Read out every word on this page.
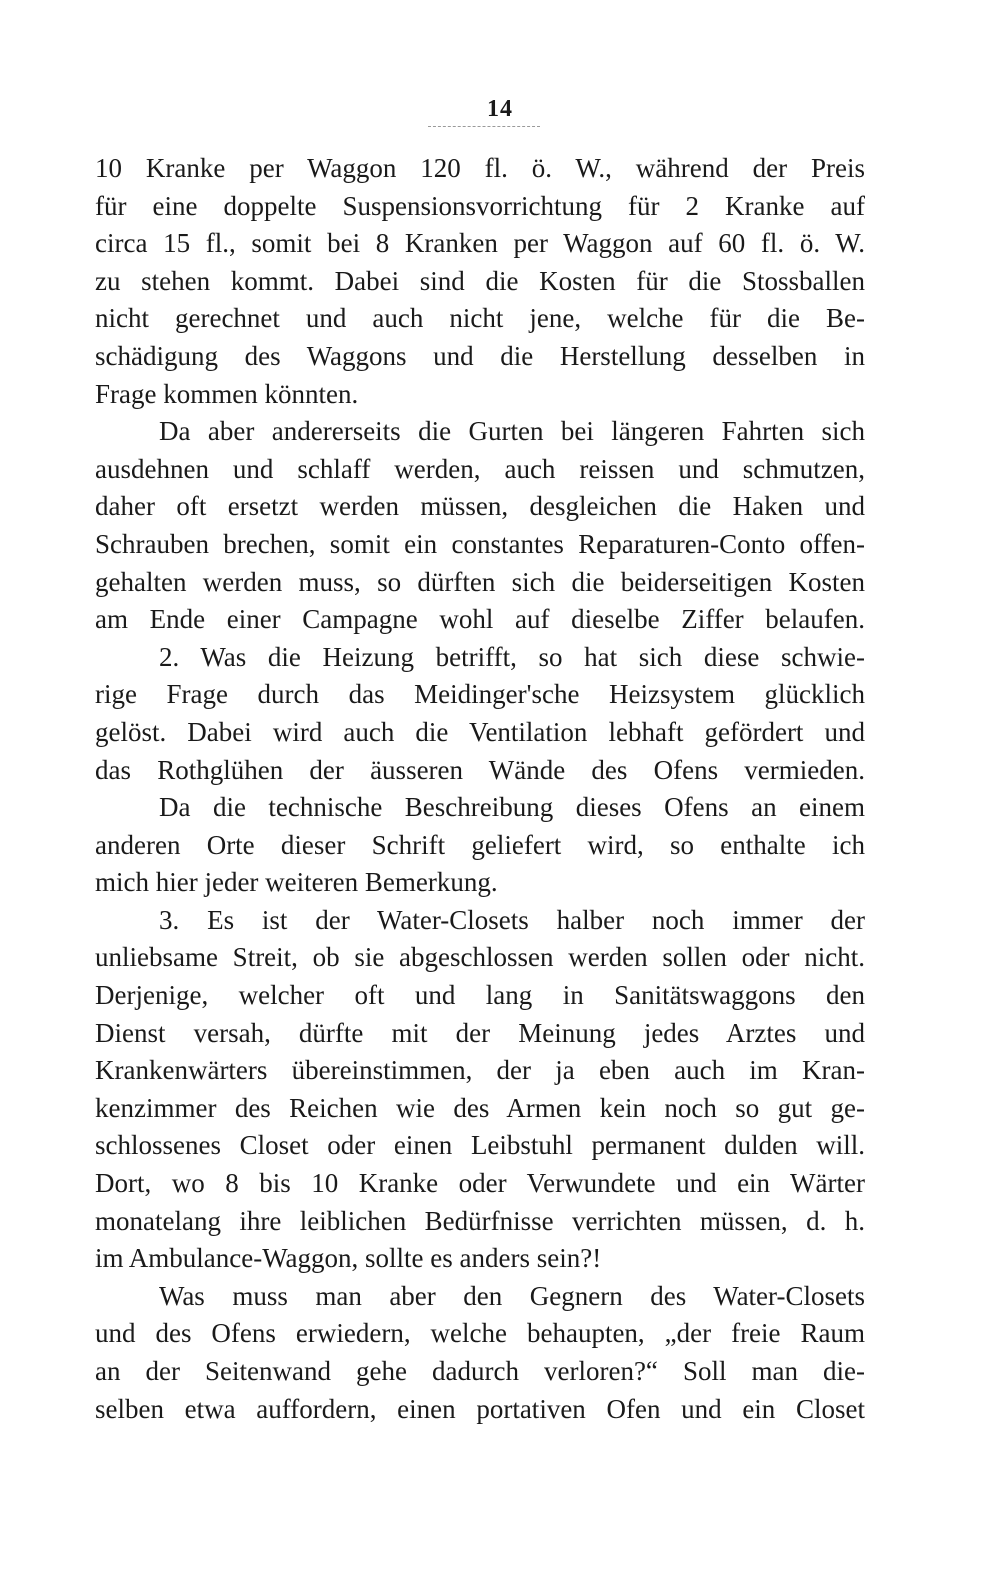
14
10 Kranke per Waggon 120 fl. ö. W., während der Preis
für eine doppelte Suspensionsvorrichtung für 2 Kranke auf
circa 15 fl., somit bei 8 Kranken per Waggon auf 60 fl. ö. W.
zu stehen kommt. Dabei sind die Kosten für die Stossballen
nicht gerechnet und auch nicht jene, welche für die Be-
schädigung des Waggons und die Herstellung desselben in
Frage kommen könnten.
Da aber andererseits die Gurten bei längeren Fahrten sich
ausdehnen und schlaff werden, auch reissen und schmutzen,
daher oft ersetzt werden müssen, desgleichen die Haken und
Schrauben brechen, somit ein constantes Reparaturen-Conto offen-
gehalten werden muss, so dürften sich die beiderseitigen Kosten
am Ende einer Campagne wohl auf dieselbe Ziffer belaufen.
2. Was die Heizung betrifft, so hat sich diese schwie-
rige Frage durch das Meidinger'sche Heizsystem glücklich
gelöst. Dabei wird auch die Ventilation lebhaft gefördert und
das Rothglühen der äusseren Wände des Ofens vermieden.
Da die technische Beschreibung dieses Ofens an einem
anderen Orte dieser Schrift geliefert wird, so enthalte ich
mich hier jeder weiteren Bemerkung.
3. Es ist der Water-Closets halber noch immer der
unliebsame Streit, ob sie abgeschlossen werden sollen oder nicht.
Derjenige, welcher oft und lang in Sanitätswaggons den
Dienst versah, dürfte mit der Meinung jedes Arztes und
Krankenwärters übereinstimmen, der ja eben auch im Kran-
kenzimmer des Reichen wie des Armen kein noch so gut ge-
schlossenes Closet oder einen Leibstuhl permanent dulden will.
Dort, wo 8 bis 10 Kranke oder Verwundete und ein Wärter
monatelang ihre leiblichen Bedürfnisse verrichten müssen, d. h.
im Ambulance-Waggon, sollte es anders sein?!
Was muss man aber den Gegnern des Water-Closets
und des Ofens erwiedern, welche behaupten, „der freie Raum
an der Seitenwand gehe dadurch verloren?“ Soll man die-
selben etwa auffordern, einen portativen Ofen und ein Closet
